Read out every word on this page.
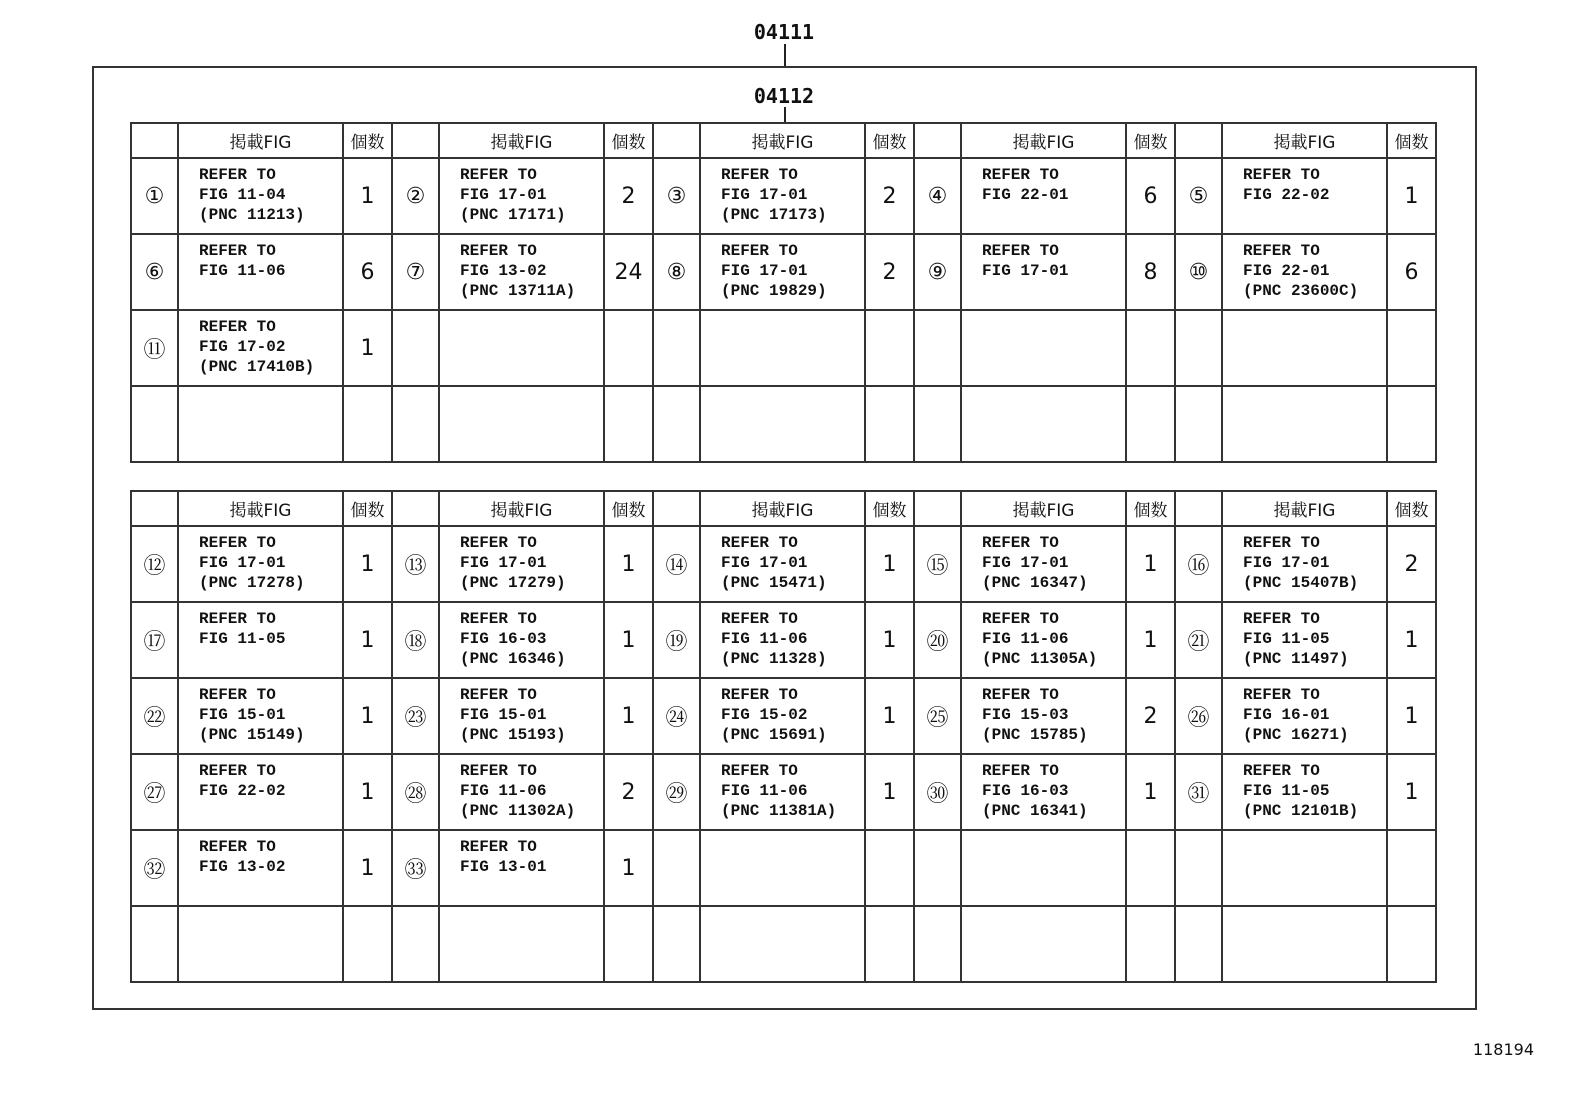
04111
04112
	掲載FIG	個数		掲載FIG	個数		掲載FIG	個数		掲載FIG	個数		掲載FIG	個数
①	REFER TO
FIG 11-04
(PNC 11213)	1	②	REFER TO
FIG 17-01
(PNC 17171)	2	③	REFER TO
FIG 17-01
(PNC 17173)	2	④	REFER TO
FIG 22-01	6	⑤	REFER TO
FIG 22-02	1
⑥	REFER TO
FIG 11-06	6	⑦	REFER TO
FIG 13-02
(PNC 13711A)	24	⑧	REFER TO
FIG 17-01
(PNC 19829)	2	⑨	REFER TO
FIG 17-01	8	⑩	REFER TO
FIG 22-01
(PNC 23600C)	6
⑪	REFER TO
FIG 17-02
(PNC 17410B)	1		

	掲載FIG	個数		掲載FIG	個数		掲載FIG	個数		掲載FIG	個数		掲載FIG	個数
⑫	REFER TO
FIG 17-01
(PNC 17278)	1	⑬	REFER TO
FIG 17-01
(PNC 17279)	1	⑭	REFER TO
FIG 17-01
(PNC 15471)	1	⑮	REFER TO
FIG 17-01
(PNC 16347)	1	⑯	REFER TO
FIG 17-01
(PNC 15407B)	2
⑰	REFER TO
FIG 11-05	1	⑱	REFER TO
FIG 16-03
(PNC 16346)	1	⑲	REFER TO
FIG 11-06
(PNC 11328)	1	⑳	REFER TO
FIG 11-06
(PNC 11305A)	1	㉑	REFER TO
FIG 11-05
(PNC 11497)	1
㉒	REFER TO
FIG 15-01
(PNC 15149)	1	㉓	REFER TO
FIG 15-01
(PNC 15193)	1	㉔	REFER TO
FIG 15-02
(PNC 15691)	1	㉕	REFER TO
FIG 15-03
(PNC 15785)	2	㉖	REFER TO
FIG 16-01
(PNC 16271)	1
㉗	REFER TO
FIG 22-02	1	㉘	REFER TO
FIG 11-06
(PNC 11302A)	2	㉙	REFER TO
FIG 11-06
(PNC 11381A)	1	㉚	REFER TO
FIG 16-03
(PNC 16341)	1	㉛	REFER TO
FIG 11-05
(PNC 12101B)	1
㉜	REFER TO
FIG 13-02	1	㉝	REFER TO
FIG 13-01	1		

118194
